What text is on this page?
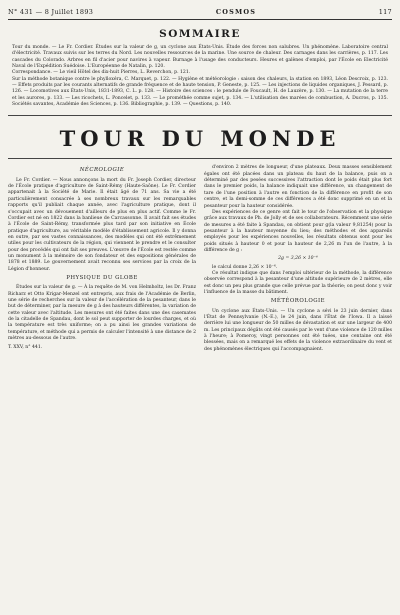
N° 431 — 8 Juillet 1893	COSMOS	117
SOMMAIRE

Tour du monde. — Le Fr. Cordier. Études sur la valeur de g, un cyclone aux États-Unis. Étude des forces non salubres. Un phénomène. Laboratoire central d'électricité. Travaux suivis sur les terres du Nord. Les nouvelles ressources de la marine. Une source de chaleur. Des carnages dans les carrières, p. 117. Les cascades du Colorado. Arbres en fil d'acier pour navires à vapeur. Burnage à l'usage des conducteurs. Heures et galènes d'emploi, par l'École en Electricité Naval de l'Expédition Suédoise. L'Européenne de Natalin, p. 120.

Correspondance. — Le vieil Hôtel des dix-huit Pierres, L. Reverchon, p. 121.

Sur la méthode botanique contre le phylloxéra, C. Marquet, p. 122. — Hygiène et météorologie : saison des chaleurs, la station en 1893, Léon Descroix, p. 123. — Effets produits par les courants alternatifs de grande fréquence et de haute tension, P. Geneste, p. 125. — Les injections de liquides organiques, J. Pessard, p. 126. — Locomotives aux États-Unis, 1831-1893, C. L. p. 128. — Histoire des sciences : le pendule de Foucault, H. de Lauzère, p. 130. — La mutation de la terre et les aurores, p. 133. — Les ricochets, L. Poncelet, p. 133. — Le prométhée comme sujet, p. 134. — L'utilisation des marées de combustion, A. Ducros, p. 135. Sociétés savantes, Académie des Sciences, p. 136. Bibliographie, p. 139. — Questions, p. 140.

TOUR DU MONDE
NÉCROLOGIE

Le Fr. Cordier. — Nous annonçons la mort du Fr. Joseph Cordier, directeur de l'École pratique d'agriculture de Saint-Rémy (Haute-Saône). Le Fr. Cordier appartenait à la Société de Marie. Il était âgé de 71 ans. Sa vie a été particulièrement consacrée à ses nombreux travaux sur les remarquables rapports qu'il publiait chaque année, avec l'agriculture pratique, dont il s'occupait avec un dévouement d'ailleurs de plus en plus actif. Comme le Fr. Cordier est né en 1822 dans la banlieue de Carcassonne. Il avait fait ses études à l'École de Saint-Rémy, transformée plus tard par son initiative en École pratique d'agriculture, au véritable modèle d'établissement agricole. Il y donna en outre, par ses vastes connaissances, des modèles qui ont été extrêmement utiles pour les cultivateurs de la région, qui viennent le prendre et le consulter pour des procédés qui ont fait ses preuves. L'œuvre de l'École est restée comme un monument à la mémoire de son fondateur et des expositions générales de 1878 et 1889. Le gouvernement avait reconnu ses services par la croix de la Légion d'honneur.

PHYSIQUE DU GLOBE

Études sur la valeur de g. — À la requête de M. von Helmholtz, les Dr. Franz Richarz et Otto Krigar-Menzel ont entrepris, aux frais de l'Académie de Berlin, une série de recherches sur la valeur de l'accélération de la pesanteur, dans le but de déterminer, par la mesure de g à des hauteurs différentes, la variation de cette valeur avec l'altitude. Les mesures ont été faites dans une des casemates de la citadelle de Spandau, dont le sol peut supporter de lourdes charges, et où la température est très uniforme; on a pu ainsi les grandes variations de température, et méthode qui a permis de calculer l'intensité à une distance de 2 mètres au-dessous de l'autre.

T. XXV, n° 441.

d'environ 2 mètres de longueur, d'une plateaux. Deux masses sensiblement égales ont été placées dans un plateau du haut de la balance, puis on a déterminé par des pesées successives l'attraction dont le poids était plus fort dans le premier poids, la balance indiquait une différence, un changement de tare de l'une position à l'autre en fonction de la différence en profit de son centre, et la demi-somme de ces différences a été donc supprimé en un et la pesanteur pour la hauteur considérée.

Des expériences de ce genre ont fait le tour de l'observation et la physique grâce aux travaux de Ph. de Jolly et de ses collaborateurs. Récemment une série de mesures a été faite à Spandau, on obtient pour g(la valeur 9,81254) pour la pesanteur à la hauteur moyenne du lieu; des méthodes et des appareils employés pour les expériences nouvelles, les résultats obtenus sont pour les poids situés à hauteur 0 et pour la hauteur de 2,26 m l'un de l'autre, à la différence de g :

2g = 3,26 × 10⁻⁶

le calcul donne 2,26 × 10⁻⁶.

Ce résultat indique que dans l'emploi ultérieur de la méthode, la différence observée correspond à la pesanteur d'une altitude supérieure de 2 mètres, elle est donc un peu plus grande que celle prévue par la théorie; on peut donc y voir l'influence de la masse du bâtiment.

MÉTÉOROLOGIE

Un cyclone aux États-Unis. — Un cyclone a sévi le 23 juin dernier, dans l'État de Pennsylvanie (N.-E.), le 24 juin, dans l'État de l'Iowa. Il a laissé derrière lui une longueur de 50 milles de dévastation et sur une largeur de 400 m. Les principaux dégâts ont été causés par le vent d'une violence de 120 milles à l'heure; à Pomeroy, vingt personnes ont été tuées, une centaine ont été blessées, mais on a remarqué les effets de la violence extraordinaire du vent et des phénomènes électriques qui l'accompagnaient.
